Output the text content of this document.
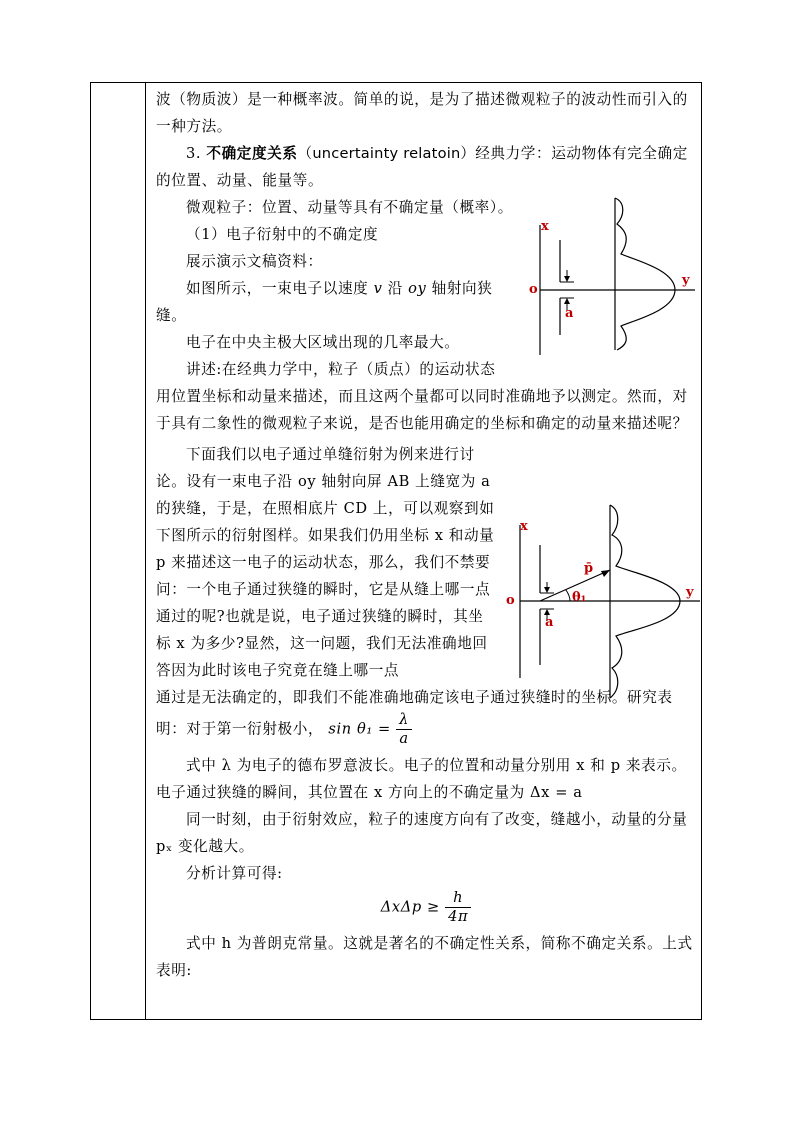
波（物质波）是一种概率波。简单的说，是为了描述微观粒子的波动性而引入的一种方法。

3. 不确定度关系（uncertainty relatoin）经典力学：运动物体有完全确定的位置、动量、能量等。

微观粒子：位置、动量等具有不确定量（概率）。

（1）电子衍射中的不确定度

展示演示文稿资料：

如图所示，一束电子以速度 v 沿 oy 轴射向狭缝。

电子在中央主极大区域出现的几率最大。

讲述:在经典力学中，粒子（质点）的运动状态

用位置坐标和动量来描述，而且这两个量都可以同时准确地予以测定。然而，对于具有二象性的微观粒子来说，是否也能用确定的坐标和确定的动量来描述呢？

下面我们以电子通过单缝衍射为例来进行讨论。设有一束电子沿 oy 轴射向屏 AB 上缝宽为 a 的狭缝，于是，在照相底片 CD 上，可以观察到如下图所示的衍射图样。如果我们仍用坐标 x 和动量 p 来描述这一电子的运动状态，那么，我们不禁要问：一个电子通过狭缝的瞬时，它是从缝上哪一点通过的呢?也就是说，电子通过狭缝的瞬时，其坐标 x 为多少?显然，这一问题，我们无法准确地回答因为此时该电子究竟在缝上哪一点

通过是无法确定的，即我们不能准确地确定该电子通过狭缝时的坐标。研究表明：对于第一衍射极小， $\sin \theta_1 = \frac{\lambda}{a}$

式中 λ 为电子的德布罗意波长。电子的位置和动量分别用 x 和 p 来表示。电子通过狭缝的瞬间，其位置在 x 方向上的不确定量为 Δx = a

同一时刻，由于衍射效应，粒子的速度方向有了改变，缝越小，动量的分量 pₓ 变化越大。

分析计算可得:

$\Delta x\Delta p \ge \frac{h}{4\pi}$

式中 h 为普朗克常量。这就是著名的不确定性关系，简称不确定关系。上式表明:

x
o
y
a
x
o
y
a
p̄
θ₁
